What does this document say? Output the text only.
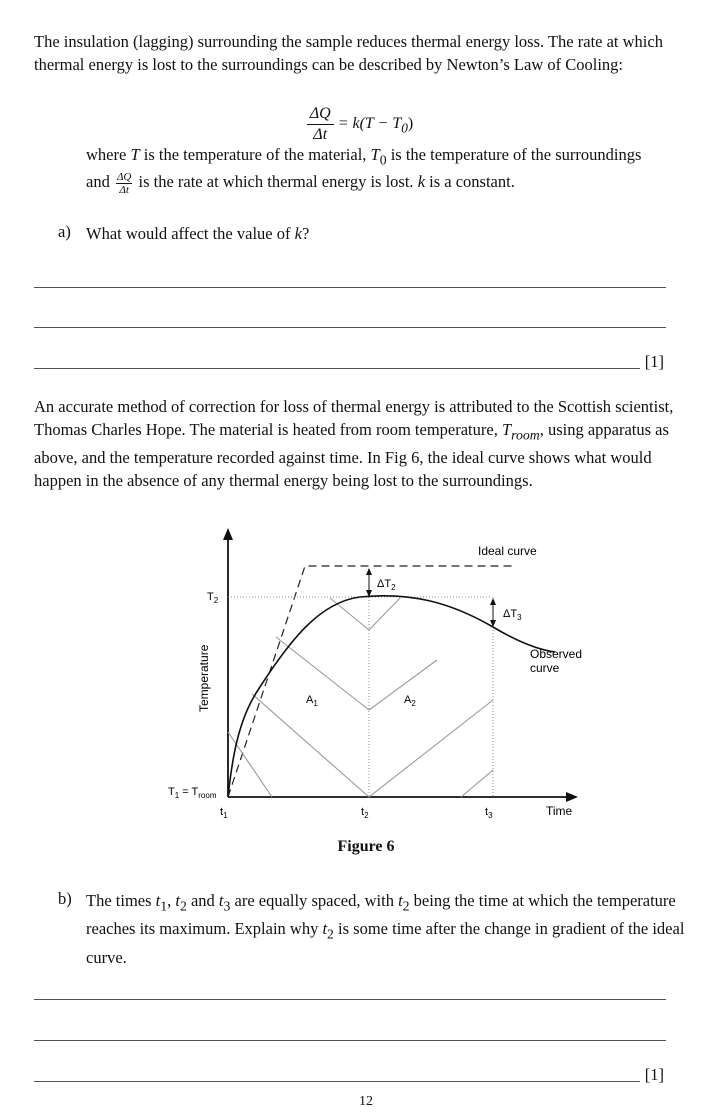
The insulation (lagging) surrounding the sample reduces thermal energy loss. The rate at which thermal energy is lost to the surroundings can be described by Newton’s Law of Cooling:

$\frac{\Delta Q}{\Delta t} = k(T - T_0)$

where T is the temperature of the material, $T_0$ is the temperature of the surroundings

and $\frac{\Delta Q}{\Delta t}$ is the rate at which thermal energy is lost. k is a constant.

a) What would affect the value of k?
[1]

An accurate method of correction for loss of thermal energy is attributed to the Scottish scientist, Thomas Charles Hope. The material is heated from room temperature, $T_{room}$, using apparatus as above, and the temperature recorded against time. In Fig 6, the ideal curve shows what would happen in the absence of any thermal energy being lost to the surroundings.

Ideal curve
Observed
curve
Time
Temperature
$T_2$
$T_1 = T_{room}$
$\Delta T_2$
$\Delta T_3$
$A_1$	$A_2$
$t_1$	$t_2$	$t_3$
Figure 6
b) The times $t_1$, $t_2$ and $t_3$ are equally spaced, with $t_2$ being the time at which the temperature reaches its maximum. Explain why $t_2$ is some time after the change in gradient of the ideal curve.
[1]
12
